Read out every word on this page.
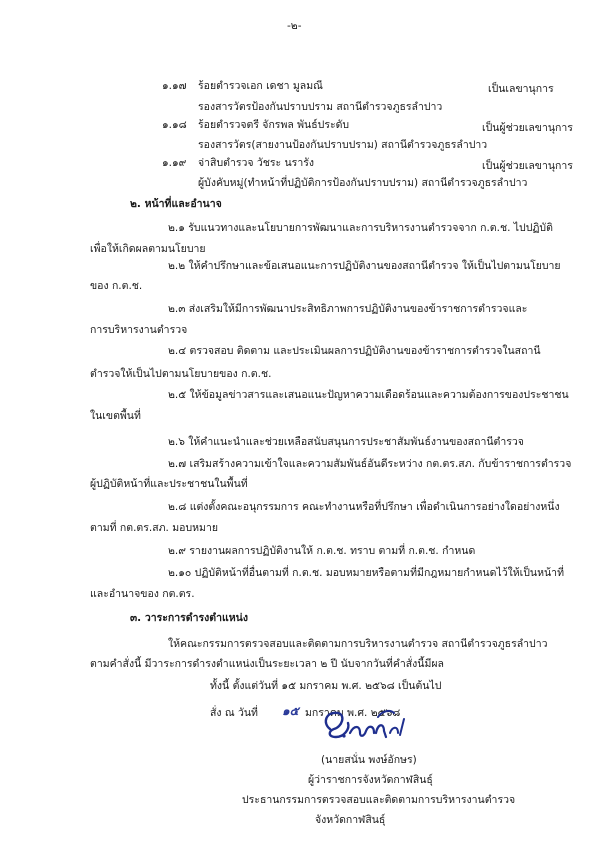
-๒-
๑.๑๗ ร้อยตำรวจเอก เดชา มูลมณี	เป็นเลขานุการ
รองสารวัตรป้องกันปราบปราม สถานีตำรวจภูธรลำปาว
๑.๑๘ ร้อยตำรวจตรี จักรพล พันธ์ประดับ	เป็นผู้ช่วยเลขานุการ
รองสารวัตร(สายงานป้องกันปราบปราม) สถานีตำรวจภูธรลำปาว
๑.๑๙ จ่าสิบตำรวจ วัชระ นรารัง	เป็นผู้ช่วยเลขานุการ
ผู้บังคับหมู่(ทำหน้าที่ปฏิบัติการป้องกันปราบปราม) สถานีตำรวจภูธรลำปาว
๒. หน้าที่และอำนาจ
๒.๑ รับแนวทางและนโยบายการพัฒนาและการบริหารงานตำรวจจาก ก.ต.ช. ไปปฏิบัติ
เพื่อให้เกิดผลตามนโยบาย
๒.๒ ให้คำปรึกษาและข้อเสนอแนะการปฏิบัติงานของสถานีตำรวจ ให้เป็นไปตามนโยบาย
ของ ก.ต.ช.
๒.๓ ส่งเสริมให้มีการพัฒนาประสิทธิภาพการปฏิบัติงานของข้าราชการตำรวจและ
การบริหารงานตำรวจ
๒.๔ ตรวจสอบ ติดตาม และประเมินผลการปฏิบัติงานของข้าราชการตำรวจในสถานี
ตำรวจให้เป็นไปตามนโยบายของ ก.ต.ช.
๒.๕ ให้ข้อมูลข่าวสารและเสนอแนะปัญหาความเดือดร้อนและความต้องการของประชาชน
ในเขตพื้นที่
๒.๖ ให้คำแนะนำและช่วยเหลือสนับสนุนการประชาสัมพันธ์งานของสถานีตำรวจ
๒.๗ เสริมสร้างความเข้าใจและความสัมพันธ์อันดีระหว่าง กต.ตร.สภ. กับข้าราชการตำรวจ
ผู้ปฏิบัติหน้าที่และประชาชนในพื้นที่
๒.๘ แต่งตั้งคณะอนุกรรมการ คณะทำงานหรือที่ปรึกษา เพื่อดำเนินการอย่างใดอย่างหนึ่ง
ตามที่ กต.ตร.สภ. มอบหมาย
๒.๙ รายงานผลการปฏิบัติงานให้ ก.ต.ช. ทราบ ตามที่ ก.ต.ช. กำหนด
๒.๑๐ ปฏิบัติหน้าที่อื่นตามที่ ก.ต.ช. มอบหมายหรือตามที่มีกฎหมายกำหนดไว้ให้เป็นหน้าที่
และอำนาจของ กต.ตร.
๓. วาระการดำรงตำแหน่ง
ให้คณะกรรมการตรวจสอบและติดตามการบริหารงานตำรวจ สถานีตำรวจภูธรลำปาว
ตามคำสั่งนี้ มีวาระการดำรงตำแหน่งเป็นระยะเวลา ๒ ปี นับจากวันที่คำสั่งนี้มีผล
ทั้งนี้ ตั้งแต่วันที่ ๑๕ มกราคม พ.ศ. ๒๕๖๘ เป็นต้นไป
สั่ง ณ วันที่ ๑๕ มกราคม พ.ศ. ๒๕๖๘
(นายสนั่น พงษ์อักษร)
ผู้ว่าราชการจังหวัดกาฬสินธุ์
ประธานกรรมการตรวจสอบและติดตามการบริหารงานตำรวจ
จังหวัดกาฬสินธุ์
